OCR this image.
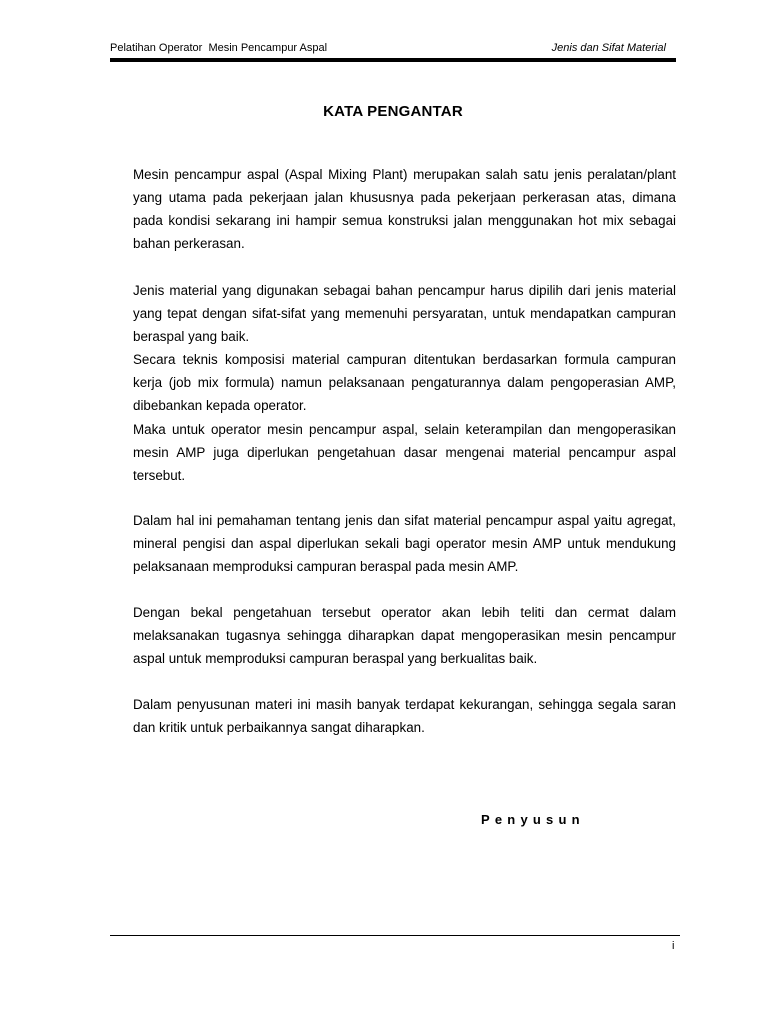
Pelatihan Operator  Mesin Pencampur Aspal	Jenis dan Sifat Material
KATA PENGANTAR

Mesin pencampur aspal (Aspal Mixing Plant) merupakan salah satu jenis peralatan/plant yang utama pada pekerjaan jalan khususnya pada pekerjaan perkerasan atas, dimana pada kondisi sekarang ini hampir semua konstruksi jalan menggunakan hot mix sebagai bahan perkerasan.

Jenis material yang digunakan sebagai bahan pencampur harus dipilih dari jenis material yang tepat dengan sifat-sifat yang memenuhi persyaratan, untuk mendapatkan campuran beraspal yang baik.

Secara teknis komposisi material campuran ditentukan berdasarkan formula campuran kerja (job mix formula) namun pelaksanaan pengaturannya dalam pengoperasian AMP, dibebankan kepada operator.

Maka untuk operator mesin pencampur aspal, selain keterampilan dan mengoperasikan mesin AMP juga diperlukan pengetahuan dasar mengenai material pencampur aspal tersebut.

Dalam hal ini pemahaman tentang jenis dan sifat material pencampur aspal yaitu agregat, mineral pengisi dan aspal diperlukan sekali bagi operator mesin AMP untuk mendukung pelaksanaan memproduksi campuran beraspal pada mesin AMP.

Dengan bekal pengetahuan tersebut operator akan lebih teliti dan cermat dalam melaksanakan tugasnya sehingga diharapkan dapat mengoperasikan mesin pencampur aspal untuk memproduksi campuran beraspal yang berkualitas baik.

Dalam penyusunan materi ini masih banyak terdapat kekurangan, sehingga segala saran dan kritik untuk perbaikannya sangat diharapkan.

Penyusun
i
